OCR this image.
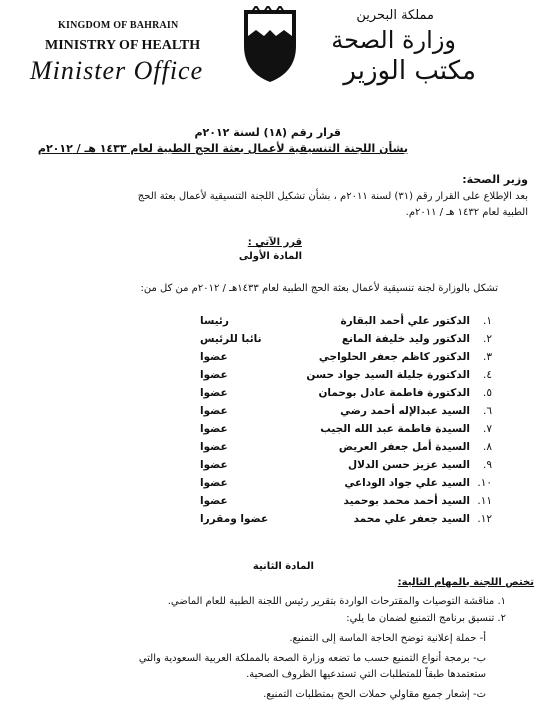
KINGDOM OF BAHRAIN
MINISTRY OF HEALTH
Minister Office
مملكة البحرين
وزارة الصحة
مكتب الوزير
قرار رقم (١٨) لسنة ٢٠١٢م
بشأن اللجنة التنسيقية لأعمال بعثة الحج الطبية لعام ١٤٣٣ هـ / ٢٠١٢م
وزير الصحة:
بعد الإطلاع على القرار رقم (٣١) لسنة ٢٠١١م ، بشأن تشكيل اللجنة التنسيقية لأعمال بعثة الحج
الطبية لعام ١٤٣٢ هـ / ٢٠١١م.
قرر الآتي :
المادة الأولى
تشكل بالوزارة لجنة تنسيقية لأعمال بعثة الحج الطبية لعام ١٤٣٣هـ / ٢٠١٢م من كل من:
١.
الدكتور علي أحمد البقارة
رئيسا
٢.
الدكتور وليد خليفة المانع
نائبا للرئيس
٣.
الدكتور كاظم جعفر الحلواجي
عضوا
٤.
الدكتورة جليلة السيد جواد حسن
عضوا
٥.
الدكتورة فاطمة عادل بوحمان
عضوا
٦.
السيد عبدالإله أحمد رضي
عضوا
٧.
السيدة فاطمة عبد الله الجيب
عضوا
٨.
السيدة أمل جعفر العريض
عضوا
٩.
السيد عزيز حسن الدلال
عضوا
١٠.
السيد علي جواد الوداعي
عضوا
١١.
السيد أحمد محمد بوحميد
عضوا
١٢.
السيد جعفر علي محمد
عضوا ومقررا
المادة الثانية
تختص اللجنة بالمهام التالية:
١. مناقشة التوصيات والمقترحات الواردة بتقرير رئيس اللجنة الطبية للعام الماضي.
٢. تنسيق برنامج التمنيع لضمان ما يلي:
أ- حملة إعلانية توضح الحاجة الماسة إلى التمنيع.
ب- برمجة أنواع التمنيع حسب ما تضعه وزارة الصحة بالمملكة العربية السعودية والتي
ستعتمدها طبقاً للمتطلبات التي تستدعيها الظروف الصحية.
ت- إشعار جميع مقاولي حملات الحج بمتطلبات التمنيع.
